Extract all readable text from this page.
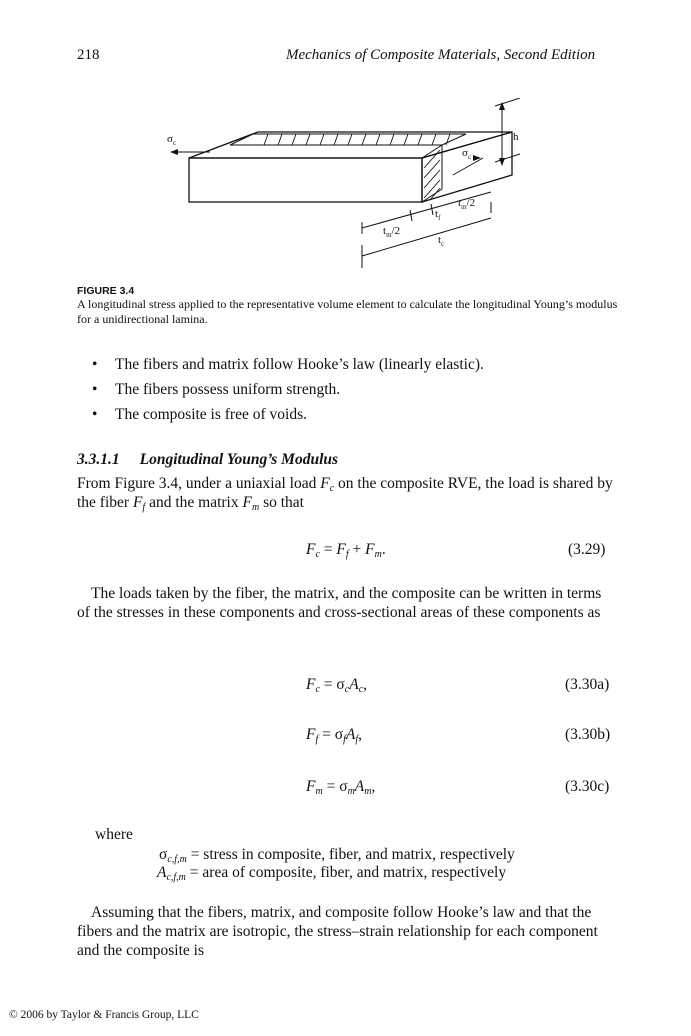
218	Mechanics of Composite Materials, Second Edition
$\sigma_c$
$\sigma_c$
h
$t_m/2$
$t_f$
$t_m/2$
$t_c$
FIGURE 3.4
A longitudinal stress applied to the representative volume element to calculate the longitudinal Young’s modulus for a unidirectional lamina.
• The fibers and matrix follow Hooke’s law (linearly elastic).
• The fibers possess uniform strength.
• The composite is free of voids.
3.3.1.1 Longitudinal Young’s Modulus
From Figure 3.4, under a uniaxial load $F_c$ on the composite RVE, the load is shared by the fiber $F_f$ and the matrix $F_m$ so that
$F_c = F_f + F_m$.	(3.29)
The loads taken by the fiber, the matrix, and the composite can be written in terms of the stresses in these components and cross-sectional areas of these components as
$F_c = \sigma_cA_c$,	(3.30a)
$F_f = \sigma_fA_f$,	(3.30b)
$F_m = \sigma_mA_m$,	(3.30c)
where
$\sigma_{c,f,m}$ = stress in composite, fiber, and matrix, respectively
$A_{c,f,m}$ = area of composite, fiber, and matrix, respectively
Assuming that the fibers, matrix, and composite follow Hooke’s law and that the fibers and the matrix are isotropic, the stress–strain relationship for each component and the composite is
© 2006 by Taylor & Francis Group, LLC
